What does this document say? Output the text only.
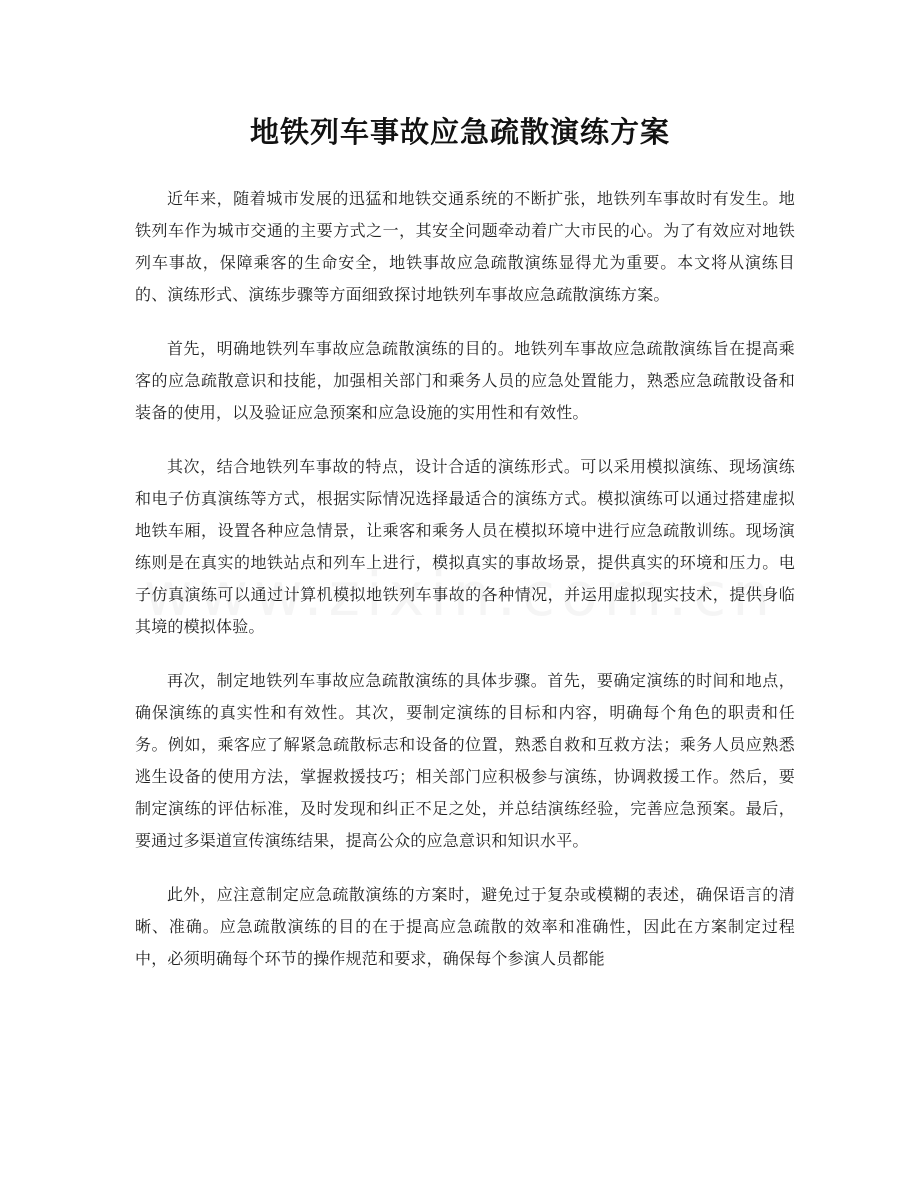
地铁列车事故应急疏散演练方案

近年来，随着城市发展的迅猛和地铁交通系统的不断扩张，地铁列车事故时有发生。地铁列车作为城市交通的主要方式之一，其安全问题牵动着广大市民的心。为了有效应对地铁列车事故，保障乘客的生命安全，地铁事故应急疏散演练显得尤为重要。本文将从演练目的、演练形式、演练步骤等方面细致探讨地铁列车事故应急疏散演练方案。

首先，明确地铁列车事故应急疏散演练的目的。地铁列车事故应急疏散演练旨在提高乘客的应急疏散意识和技能，加强相关部门和乘务人员的应急处置能力，熟悉应急疏散设备和装备的使用，以及验证应急预案和应急设施的实用性和有效性。

其次，结合地铁列车事故的特点，设计合适的演练形式。可以采用模拟演练、现场演练和电子仿真演练等方式，根据实际情况选择最适合的演练方式。模拟演练可以通过搭建虚拟地铁车厢，设置各种应急情景，让乘客和乘务人员在模拟环境中进行应急疏散训练。现场演练则是在真实的地铁站点和列车上进行，模拟真实的事故场景，提供真实的环境和压力。电子仿真演练可以通过计算机模拟地铁列车事故的各种情况，并运用虚拟现实技术，提供身临其境的模拟体验。

再次，制定地铁列车事故应急疏散演练的具体步骤。首先，要确定演练的时间和地点，确保演练的真实性和有效性。其次，要制定演练的目标和内容，明确每个角色的职责和任务。例如，乘客应了解紧急疏散标志和设备的位置，熟悉自救和互救方法；乘务人员应熟悉逃生设备的使用方法，掌握救援技巧；相关部门应积极参与演练，协调救援工作。然后，要制定演练的评估标准，及时发现和纠正不足之处，并总结演练经验，完善应急预案。最后，要通过多渠道宣传演练结果，提高公众的应急意识和知识水平。

此外，应注意制定应急疏散演练的方案时，避免过于复杂或模糊的表述，确保语言的清晰、准确。应急疏散演练的目的在于提高应急疏散的效率和准确性，因此在方案制定过程中，必须明确每个环节的操作规范和要求，确保每个参演人员都能
